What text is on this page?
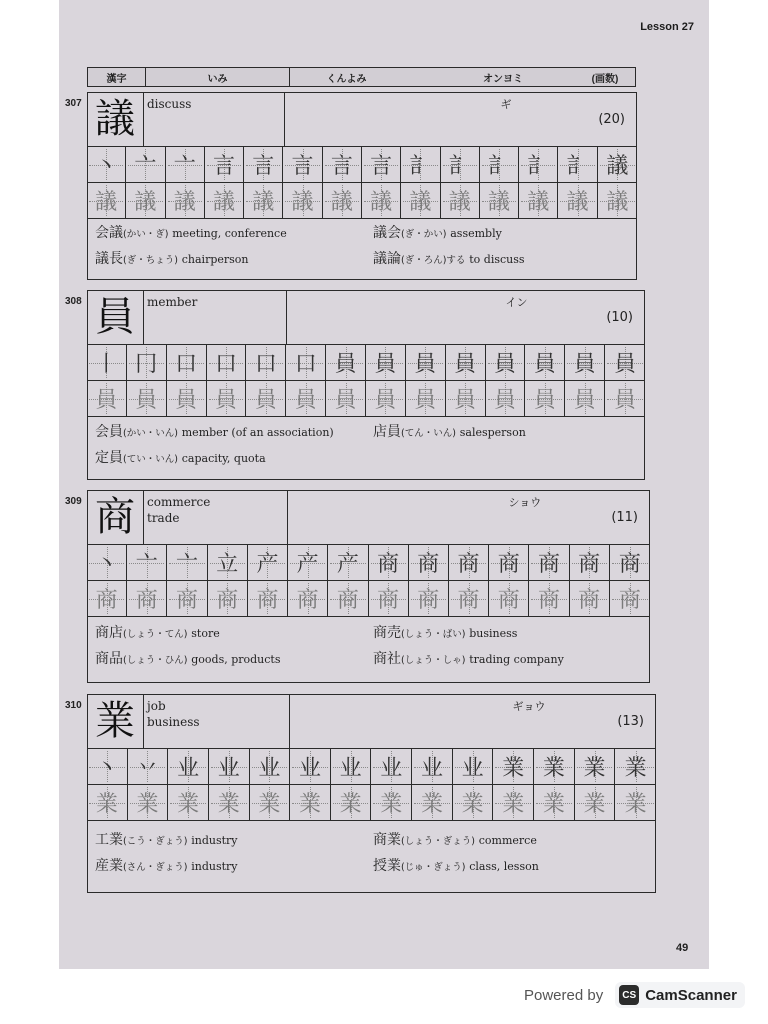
Lesson 27
漢字	いみ	くんよみ	オンヨミ	(画数)
307 議	discuss	ギ
(20)
丶 亠 亠 言 言 言 言 言 訁 訁 訁 訁 訁 議
議 議 議 議 議 議 議 議 議 議 議 議 議 議
会議(かい・ぎ) meeting, conference	議会(ぎ・かい) assembly
議長(ぎ・ちょう) chairperson	議論(ぎ・ろん)する to discuss
308 員	member	イン
(10)
丨 冂 口 口 口 口 員 員 員 員 員 員 員 員
員 員 員 員 員 員 員 員 員 員 員 員 員 員
会員(かい・いん) member (of an association)	店員(てん・いん) salesperson
定員(てい・いん) capacity, quota
309 商	commerce
trade
ショウ
(11)
丶 亠 亠 立 产 产 产 商 商 商 商 商 商 商
商 商 商 商 商 商 商 商 商 商 商 商 商 商
商店(しょう・てん) store	商売(しょう・ばい) business
商品(しょう・ひん) goods, products	商社(しょう・しゃ) trading company
310 業	job
business
ギョウ
(13)
丶 丷 业 业 业 业 业 业 业 业 業 業 業 業
業 業 業 業 業 業 業 業 業 業 業 業 業 業
工業(こう・ぎょう) industry	商業(しょう・ぎょう) commerce
産業(さん・ぎょう) industry	授業(じゅ・ぎょう) class, lesson
49
Powered by	CS CamScanner
